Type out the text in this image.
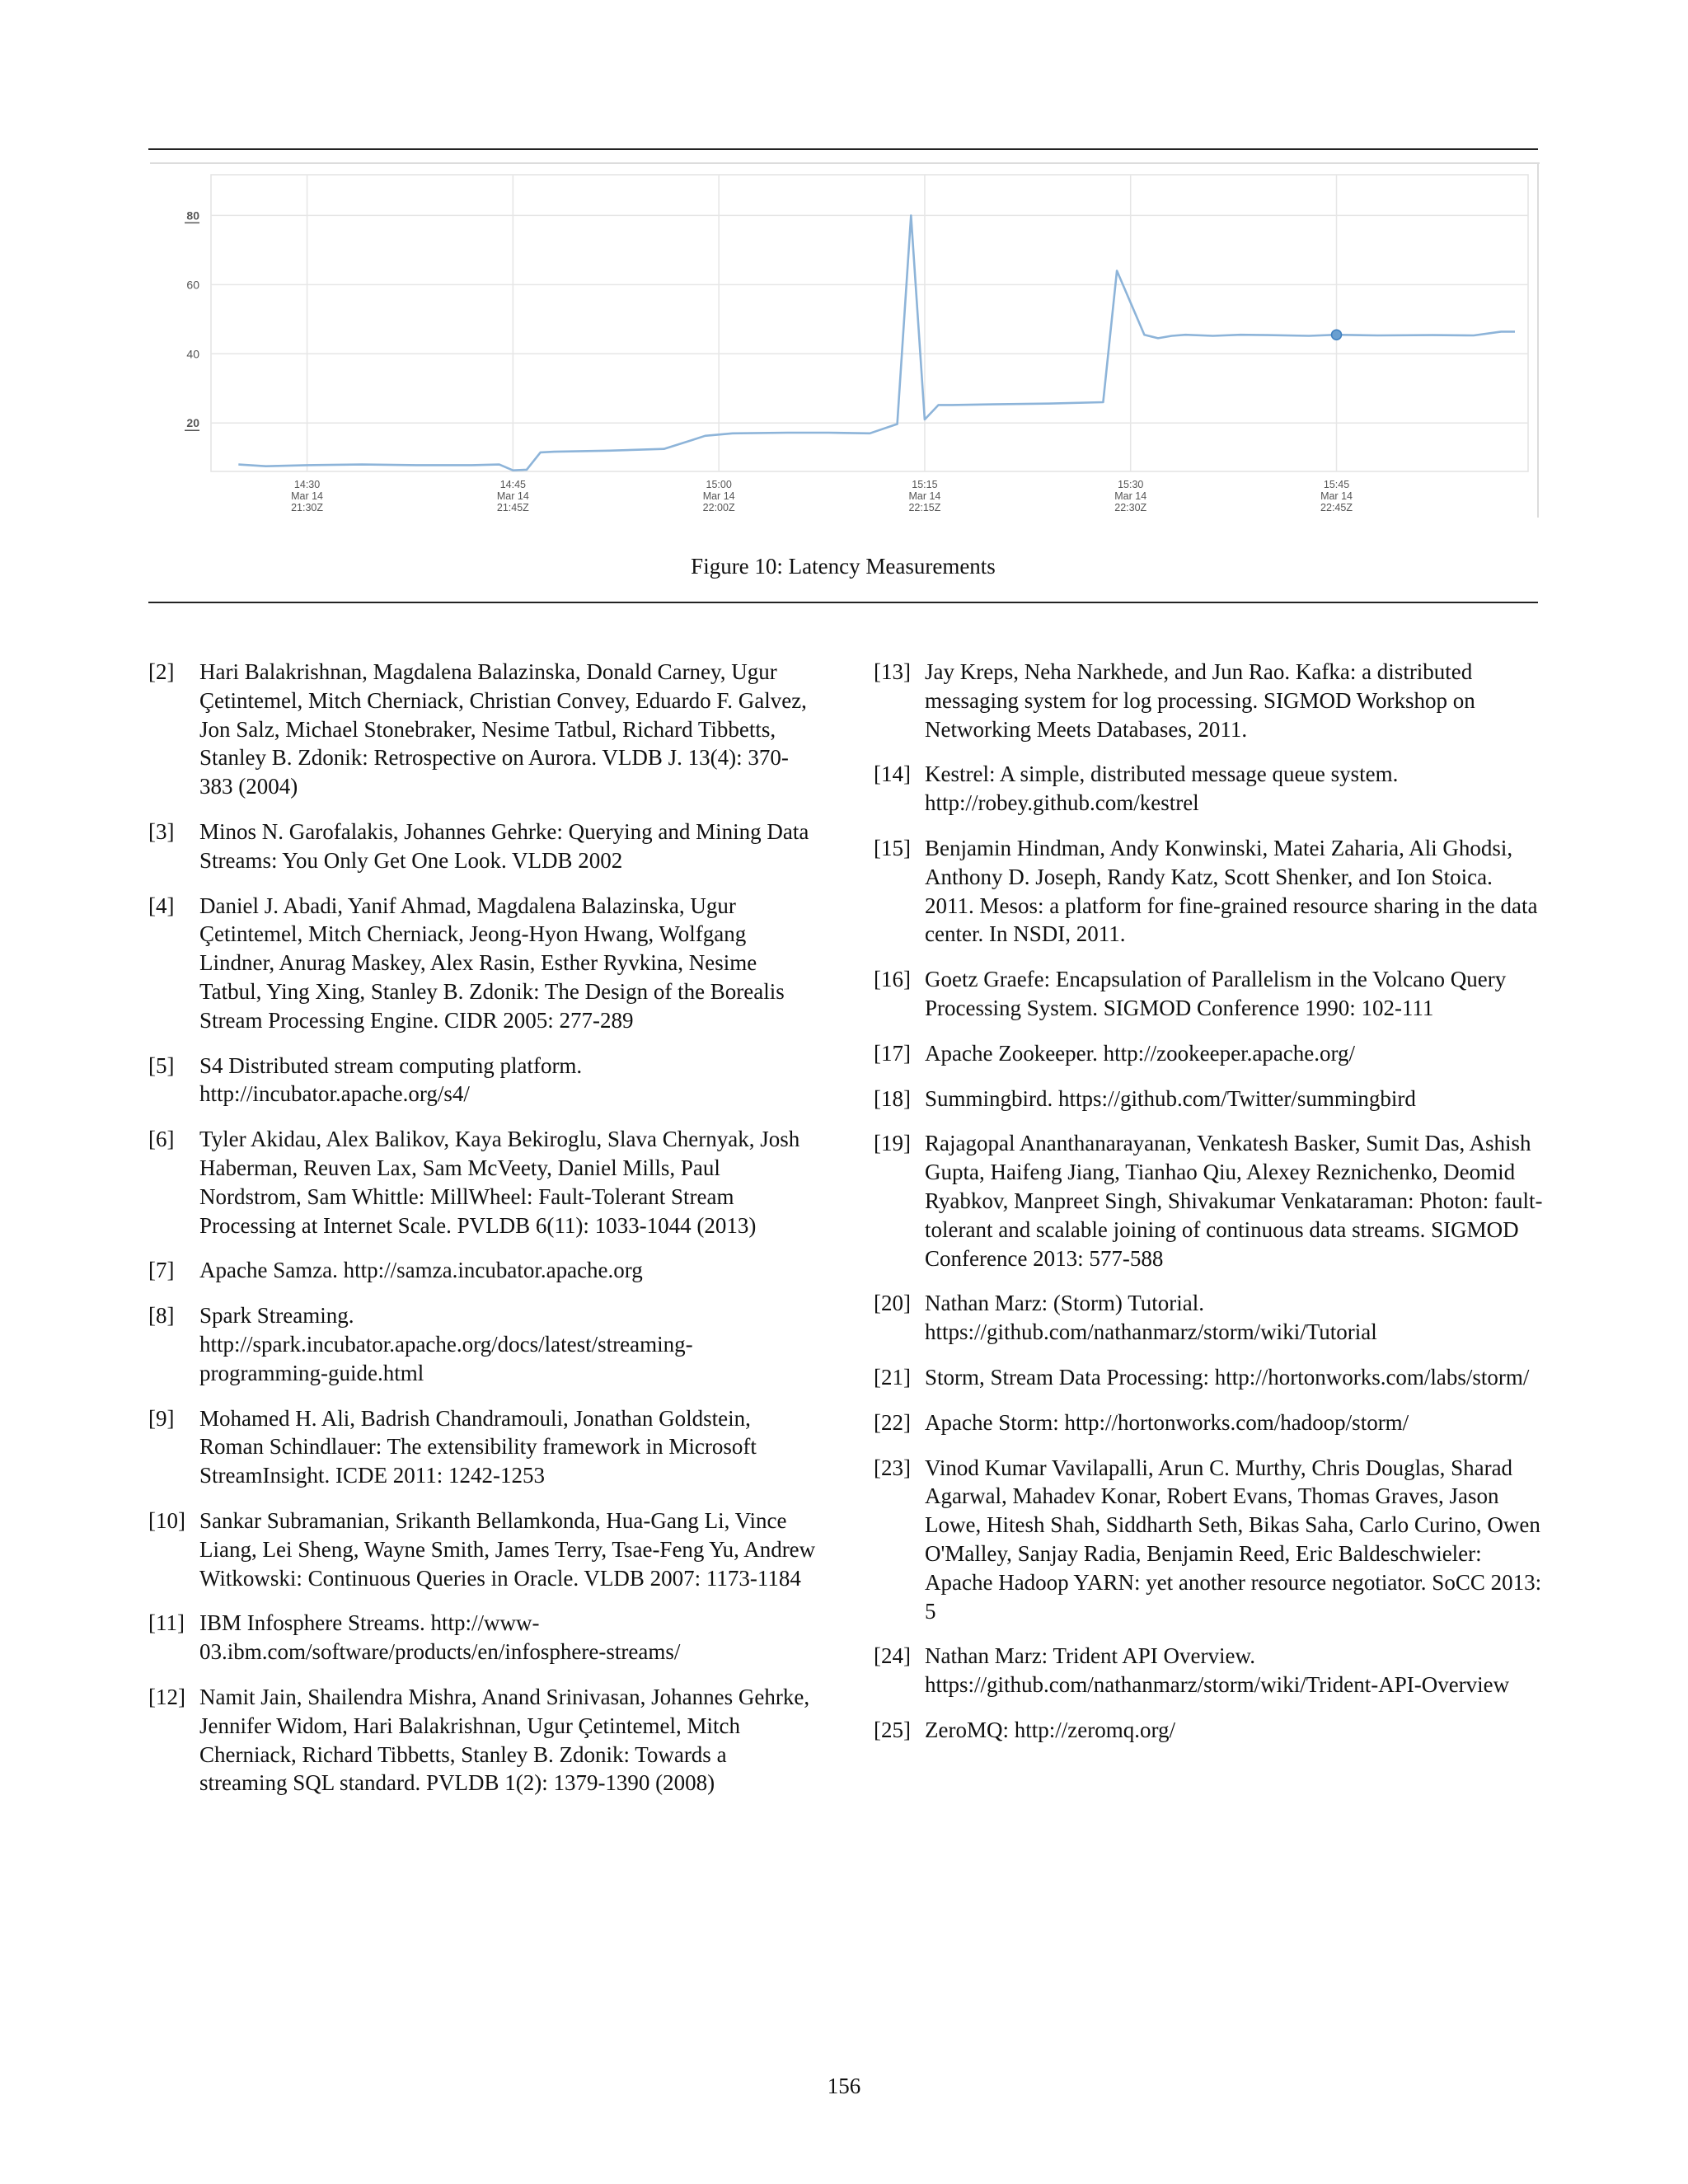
80
60
40
20
14:30
Mar 14
21:30Z
14:45
Mar 14
21:45Z
15:00
Mar 14
22:00Z
15:15
Mar 14
22:15Z
15:30
Mar 14
22:30Z
15:45
Mar 14
22:45Z
Figure 10: Latency Measurements
[2]	Hari Balakrishnan, Magdalena Balazinska, Donald Carney, Ugur Çetintemel, Mitch Cherniack, Christian Convey, Eduardo F. Galvez, Jon Salz, Michael Stonebraker, Nesime Tatbul, Richard Tibbetts, Stanley B. Zdonik: Retrospective on Aurora. VLDB J. 13(4): 370-383 (2004)
[3]	Minos N. Garofalakis, Johannes Gehrke: Querying and Mining Data Streams: You Only Get One Look. VLDB 2002
[4]	Daniel J. Abadi, Yanif Ahmad, Magdalena Balazinska, Ugur Çetintemel, Mitch Cherniack, Jeong-Hyon Hwang, Wolfgang Lindner, Anurag Maskey, Alex Rasin, Esther Ryvkina, Nesime Tatbul, Ying Xing, Stanley B. Zdonik: The Design of the Borealis Stream Processing Engine. CIDR 2005: 277-289
[5]	S4 Distributed stream computing platform. http://incubator.apache.org/s4/
[6]	Tyler Akidau, Alex Balikov, Kaya Bekiroglu, Slava Chernyak, Josh Haberman, Reuven Lax, Sam McVeety, Daniel Mills, Paul Nordstrom, Sam Whittle: MillWheel: Fault-Tolerant Stream Processing at Internet Scale. PVLDB 6(11): 1033-1044 (2013)
[7]	Apache Samza. http://samza.incubator.apache.org
[8]	Spark Streaming. http://spark.incubator.apache.org/docs/latest/streaming-programming-guide.html
[9]	Mohamed H. Ali, Badrish Chandramouli, Jonathan Goldstein, Roman Schindlauer: The extensibility framework in Microsoft StreamInsight. ICDE 2011: 1242-1253
[10] Sankar Subramanian, Srikanth Bellamkonda, Hua-Gang Li, Vince Liang, Lei Sheng, Wayne Smith, James Terry, Tsae-Feng Yu, Andrew Witkowski: Continuous Queries in Oracle. VLDB 2007: 1173-1184
[11] IBM Infosphere Streams. http://www-03.ibm.com/software/products/en/infosphere-streams/
[12] Namit Jain, Shailendra Mishra, Anand Srinivasan, Johannes Gehrke, Jennifer Widom, Hari Balakrishnan, Ugur Çetintemel, Mitch Cherniack, Richard Tibbetts, Stanley B. Zdonik: Towards a streaming SQL standard. PVLDB 1(2): 1379-1390 (2008)
[13] Jay Kreps, Neha Narkhede, and Jun Rao. Kafka: a distributed messaging system for log processing. SIGMOD Workshop on Networking Meets Databases, 2011.
[14] Kestrel: A simple, distributed message queue system. http://robey.github.com/kestrel
[15] Benjamin Hindman, Andy Konwinski, Matei Zaharia, Ali Ghodsi, Anthony D. Joseph, Randy Katz, Scott Shenker, and Ion Stoica. 2011. Mesos: a platform for fine-grained resource sharing in the data center. In NSDI, 2011.
[16] Goetz Graefe: Encapsulation of Parallelism in the Volcano Query Processing System. SIGMOD Conference 1990: 102-111
[17] Apache Zookeeper. http://zookeeper.apache.org/
[18] Summingbird. https://github.com/Twitter/summingbird
[19] Rajagopal Ananthanarayanan, Venkatesh Basker, Sumit Das, Ashish Gupta, Haifeng Jiang, Tianhao Qiu, Alexey Reznichenko, Deomid Ryabkov, Manpreet Singh, Shivakumar Venkataraman: Photon: fault-tolerant and scalable joining of continuous data streams. SIGMOD Conference 2013: 577-588
[20] Nathan Marz: (Storm) Tutorial. https://github.com/nathanmarz/storm/wiki/Tutorial
[21] Storm, Stream Data Processing: http://hortonworks.com/labs/storm/
[22] Apache Storm: http://hortonworks.com/hadoop/storm/
[23] Vinod Kumar Vavilapalli, Arun C. Murthy, Chris Douglas, Sharad Agarwal, Mahadev Konar, Robert Evans, Thomas Graves, Jason Lowe, Hitesh Shah, Siddharth Seth, Bikas Saha, Carlo Curino, Owen O'Malley, Sanjay Radia, Benjamin Reed, Eric Baldeschwieler: Apache Hadoop YARN: yet another resource negotiator. SoCC 2013: 5
[24] Nathan Marz: Trident API Overview. https://github.com/nathanmarz/storm/wiki/Trident-API-Overview
[25] ZeroMQ: http://zeromq.org/
156
